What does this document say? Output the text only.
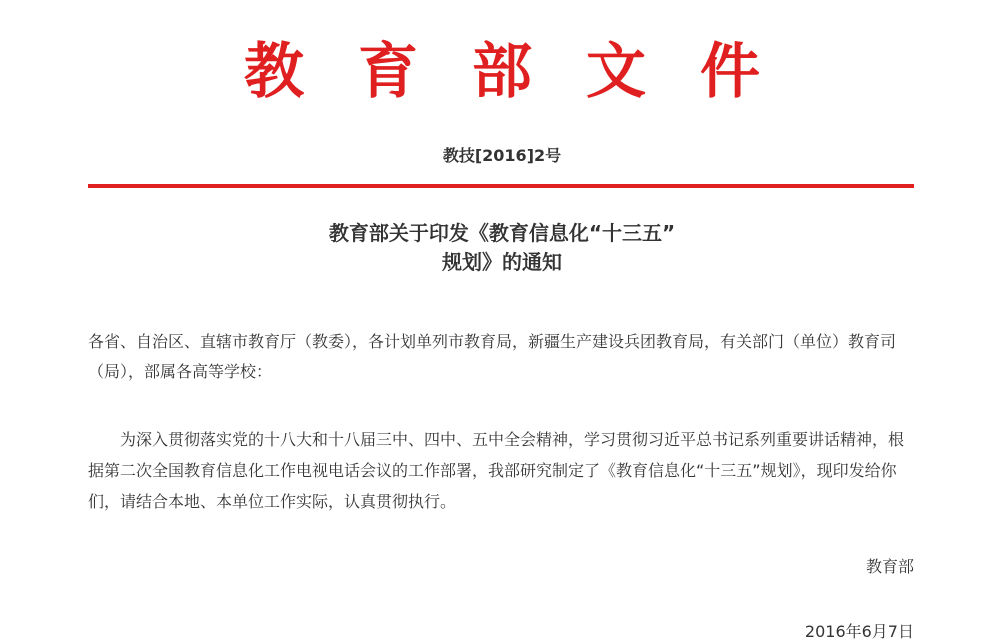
教育部文件
教技[2016]2号
教育部关于印发《教育信息化“十三五”
规划》的通知
各省、自治区、直辖市教育厅（教委），各计划单列市教育局，新疆生产建设兵团教育局，有关部门（单位）教育司（局），部属各高等学校：
为深入贯彻落实党的十八大和十八届三中、四中、五中全会精神，学习贯彻习近平总书记系列重要讲话精神，根据第二次全国教育信息化工作电视电话会议的工作部署，我部研究制定了《教育信息化“十三五”规划》，现印发给你们，请结合本地、本单位工作实际，认真贯彻执行。
教育部
2016年6月7日
